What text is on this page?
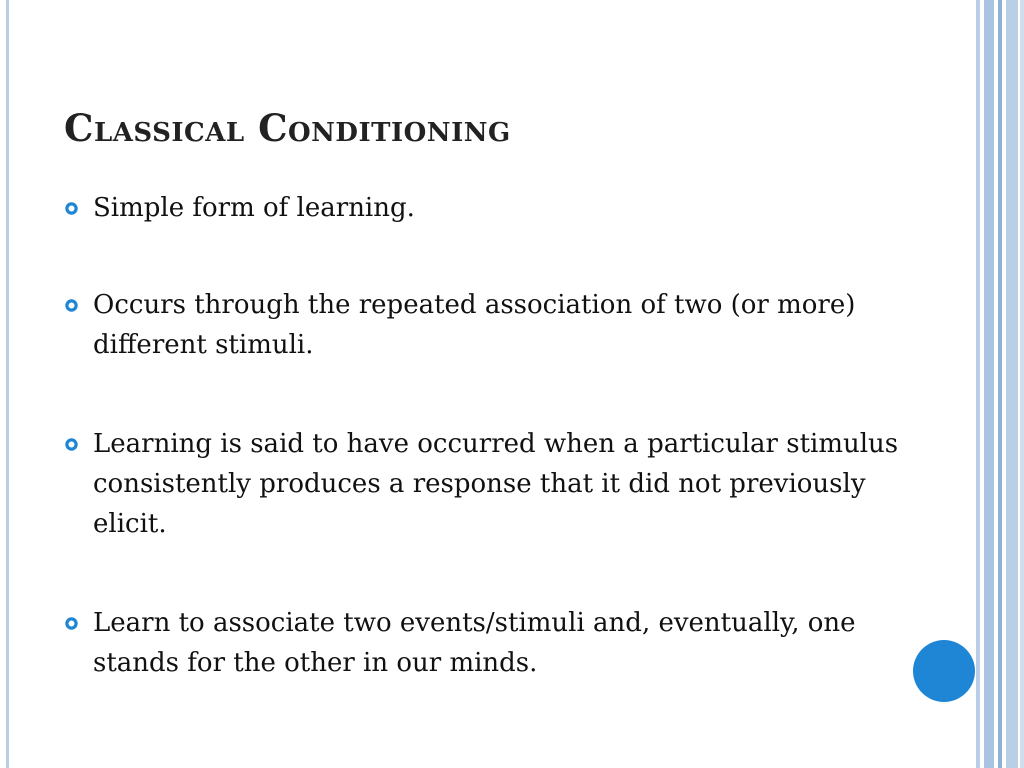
Classical Conditioning
Simple form of learning.
Occurs through the repeated association of two (or more) different stimuli.
Learning is said to have occurred when a particular stimulus consistently produces a response that it did not previously elicit.
Learn to associate two events/stimuli and, eventually, one stands for the other in our minds.
